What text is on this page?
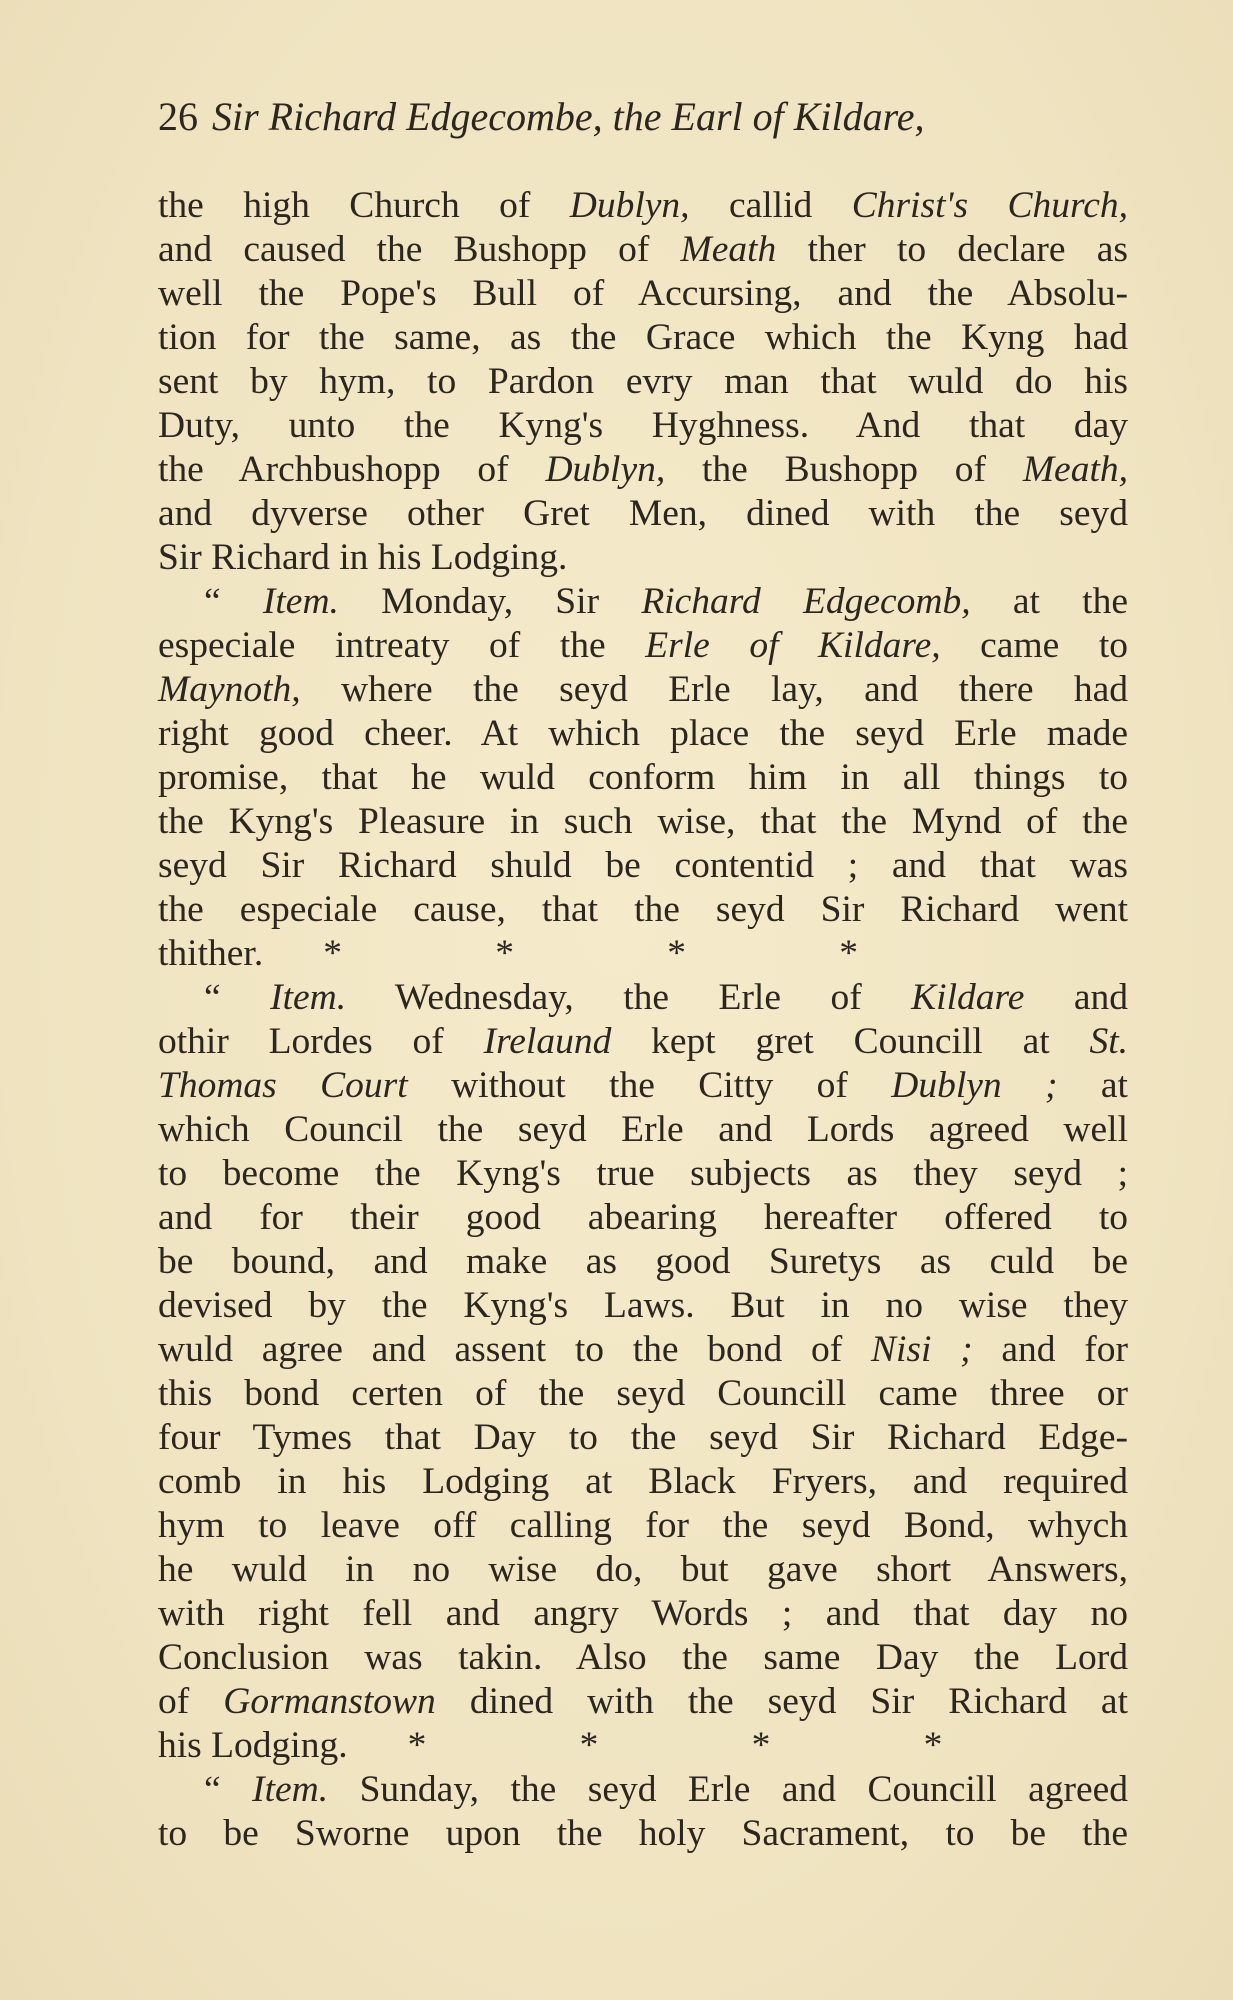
26 Sir Richard Edgecombe, the Earl of Kildare,
the high Church of Dublyn, callid Christ's Church,
and caused the Bushopp of Meath ther to declare as
well the Pope's Bull of Accursing, and the Absolu-
tion for the same, as the Grace which the Kyng had
sent by hym, to Pardon evry man that wuld do his
Duty, unto the Kyng's Hyghness. And that day
the Archbushopp of Dublyn, the Bushopp of Meath,
and dyverse other Gret Men, dined with the seyd
Sir Richard in his Lodging.
“ Item. Monday, Sir Richard Edgecomb, at the
especiale intreaty of the Erle of Kildare, came to
Maynoth, where the seyd Erle lay, and there had
right good cheer. At which place the seyd Erle made
promise, that he wuld conform him in all things to
the Kyng's Pleasure in such wise, that the Mynd of the
seyd Sir Richard shuld be contentid ; and that was
the especiale cause, that the seyd Sir Richard went
thither. *	*	*	*
“ Item. Wednesday, the Erle of Kildare and
othir Lordes of Irelaund kept gret Councill at St.
Thomas Court without the Citty of Dublyn ; at
which Council the seyd Erle and Lords agreed well
to become the Kyng's true subjects as they seyd ;
and for their good abearing hereafter offered to
be bound, and make as good Suretys as culd be
devised by the Kyng's Laws. But in no wise they
wuld agree and assent to the bond of Nisi ; and for
this bond certen of the seyd Councill came three or
four Tymes that Day to the seyd Sir Richard Edge-
comb in his Lodging at Black Fryers, and required
hym to leave off calling for the seyd Bond, whych
he wuld in no wise do, but gave short Answers,
with right fell and angry Words ; and that day no
Conclusion was takin. Also the same Day the Lord
of Gormanstown dined with the seyd Sir Richard at
his Lodging. *	*	*	*
“ Item. Sunday, the seyd Erle and Councill agreed
to be Sworne upon the holy Sacrament, to be the
